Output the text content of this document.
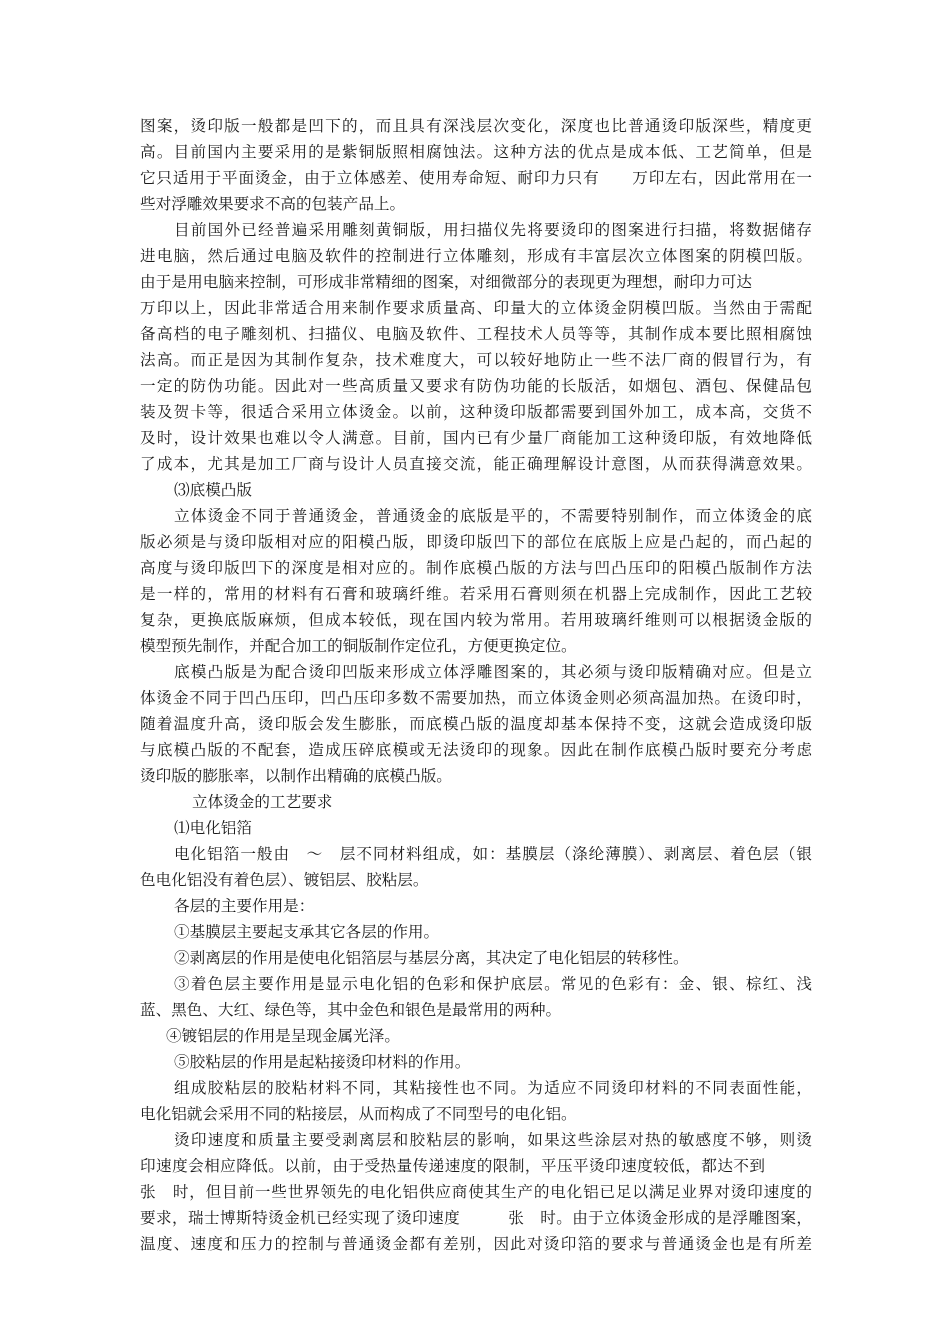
图案，烫印版一般都是凹下的，而且具有深浅层次变化，深度也比普通烫印版深些，精度更
高。目前国内主要采用的是紫铜版照相腐蚀法。这种方法的优点是成本低、工艺简单，但是
它只适用于平面烫金，由于立体感差、使用寿命短、耐印力只有　　万印左右，因此常用在一
些对浮雕效果要求不高的包装产品上。
目前国外已经普遍采用雕刻黄铜版，用扫描仪先将要烫印的图案进行扫描，将数据储存
进电脑，然后通过电脑及软件的控制进行立体雕刻，形成有丰富层次立体图案的阴模凹版。
由于是用电脑来控制，可形成非常精细的图案，对细微部分的表现更为理想，耐印力可达
万印以上，因此非常适合用来制作要求质量高、印量大的立体烫金阴模凹版。当然由于需配
备高档的电子雕刻机、扫描仪、电脑及软件、工程技术人员等等，其制作成本要比照相腐蚀
法高。而正是因为其制作复杂，技术难度大，可以较好地防止一些不法厂商的假冒行为，有
一定的防伪功能。因此对一些高质量又要求有防伪功能的长版活，如烟包、酒包、保健品包
装及贺卡等，很适合采用立体烫金。以前，这种烫印版都需要到国外加工，成本高，交货不
及时，设计效果也难以令人满意。目前，国内已有少量厂商能加工这种烫印版，有效地降低
了成本，尤其是加工厂商与设计人员直接交流，能正确理解设计意图，从而获得满意效果。
⑶底模凸版
立体烫金不同于普通烫金，普通烫金的底版是平的，不需要特别制作，而立体烫金的底
版必须是与烫印版相对应的阳模凸版，即烫印版凹下的部位在底版上应是凸起的，而凸起的
高度与烫印版凹下的深度是相对应的。制作底模凸版的方法与凹凸压印的阳模凸版制作方法
是一样的，常用的材料有石膏和玻璃纤维。若采用石膏则须在机器上完成制作，因此工艺较
复杂，更换底版麻烦，但成本较低，现在国内较为常用。若用玻璃纤维则可以根据烫金版的
模型预先制作，并配合加工的铜版制作定位孔，方便更换定位。
底模凸版是为配合烫印凹版来形成立体浮雕图案的，其必须与烫印版精确对应。但是立
体烫金不同于凹凸压印，凹凸压印多数不需要加热，而立体烫金则必须高温加热。在烫印时，
随着温度升高，烫印版会发生膨胀，而底模凸版的温度却基本保持不变，这就会造成烫印版
与底模凸版的不配套，造成压碎底模或无法烫印的现象。因此在制作底模凸版时要充分考虑
烫印版的膨胀率，以制作出精确的底模凸版。
立体烫金的工艺要求
⑴电化铝箔
电化铝箔一般由　～　层不同材料组成，如：基膜层（涤纶薄膜）、剥离层、着色层（银
色电化铝没有着色层）、镀铝层、胶粘层。
各层的主要作用是：
①基膜层主要起支承其它各层的作用。
②剥离层的作用是使电化铝箔层与基层分离，其决定了电化铝层的转移性。
③着色层主要作用是显示电化铝的色彩和保护底层。常见的色彩有：金、银、棕红、浅
蓝、黑色、大红、绿色等，其中金色和银色是最常用的两种。
④镀铝层的作用是呈现金属光泽。
⑤胶粘层的作用是起粘接烫印材料的作用。
组成胶粘层的胶粘材料不同，其粘接性也不同。为适应不同烫印材料的不同表面性能，
电化铝就会采用不同的粘接层，从而构成了不同型号的电化铝。
烫印速度和质量主要受剥离层和胶粘层的影响，如果这些涂层对热的敏感度不够，则烫
印速度会相应降低。以前，由于受热量传递速度的限制，平压平烫印速度较低，都达不到
张　时，但目前一些世界领先的电化铝供应商使其生产的电化铝已足以满足业界对烫印速度的
要求，瑞士博斯特烫金机已经实现了烫印速度　　　张　时。由于立体烫金形成的是浮雕图案，
温度、速度和压力的控制与普通烫金都有差别，因此对烫印箔的要求与普通烫金也是有所差
